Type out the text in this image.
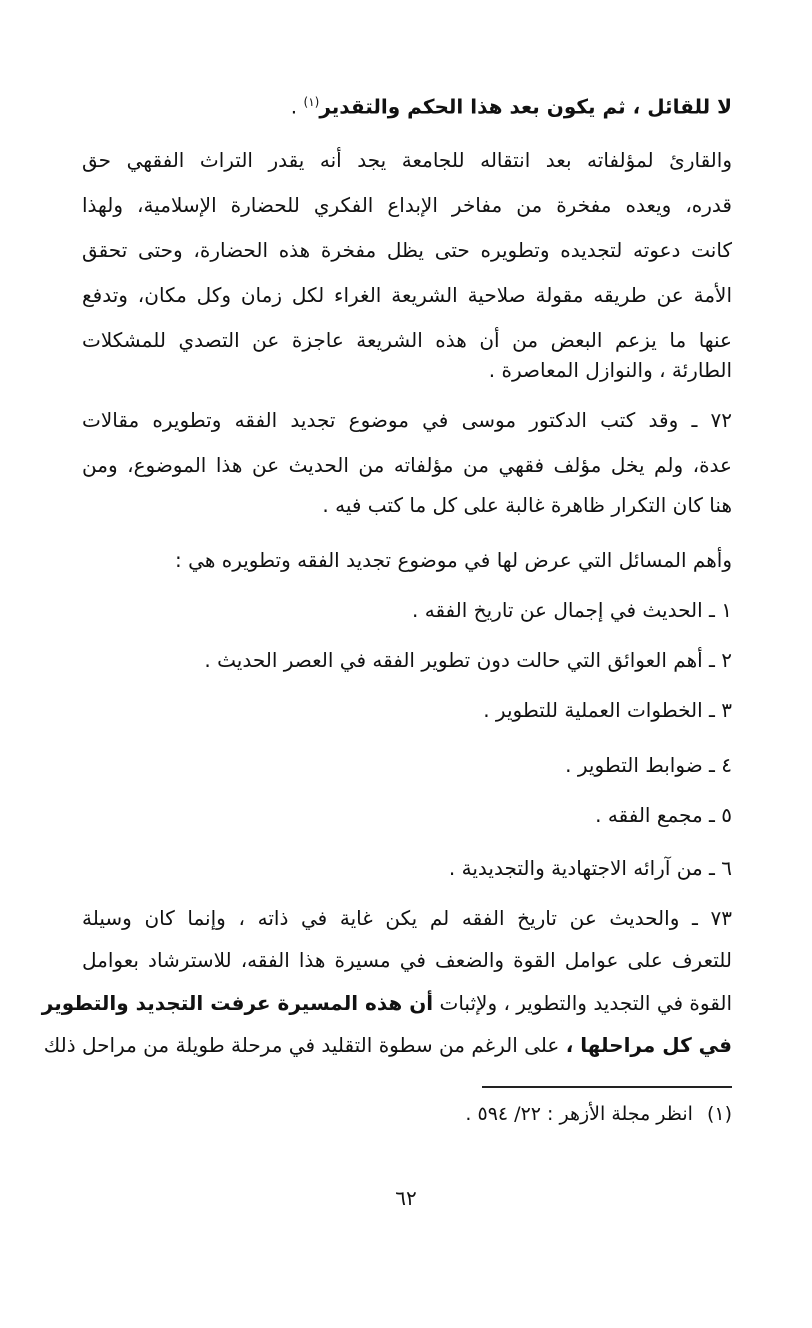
لا للقائل ، ثم يكون بعد هذا الحكم والتقدير$^{(١)}$ .
والقارئ لمؤلفاته بعد انتقاله للجامعة يجد أنه يقدر التراث الفقهي حق
قدره، ويعده مفخرة من مفاخر الإبداع الفكري للحضارة الإسلامية، ولهذا
كانت دعوته لتجديده وتطويره حتى يظل مفخرة هذه الحضارة، وحتى تحقق
الأمة عن طريقه مقولة صلاحية الشريعة الغراء لكل زمان وكل مكان، وتدفع
عنها ما يزعم البعض من أن هذه الشريعة عاجزة عن التصدي للمشكلات
الطارئة ، والنوازل المعاصرة .
٧٢ ـ وقد كتب الدكتور موسى في موضوع تجديد الفقه وتطويره مقالات
عدة، ولم يخل مؤلف فقهي من مؤلفاته من الحديث عن هذا الموضوع، ومن
هنا كان التكرار ظاهرة غالبة على كل ما كتب فيه .
وأهم المسائل التي عرض لها في موضوع تجديد الفقه وتطويره هي :
١ ـ الحديث في إجمال عن تاريخ الفقه .
٢ ـ أهم العوائق التي حالت دون تطوير الفقه في العصر الحديث .
٣ ـ الخطوات العملية للتطوير .
٤ ـ ضوابط التطوير .
٥ ـ مجمع الفقه .
٦ ـ من آرائه الاجتهادية والتجديدية .
٧٣ ـ والحديث عن تاريخ الفقه لم يكن غاية في ذاته ، وإنما كان وسيلة
للتعرف على عوامل القوة والضعف في مسيرة هذا الفقه، للاسترشاد بعوامل
القوة في التجديد والتطوير ، ولإثبات أن هذه المسيرة عرفت التجديد والتطوير
في كل مراحلها ، على الرغم من سطوة التقليد في مرحلة طويلة من مراحل ذلك
(١)انظر مجلة الأزهر : ٢٢/ ٥٩٤ .
٦٢
